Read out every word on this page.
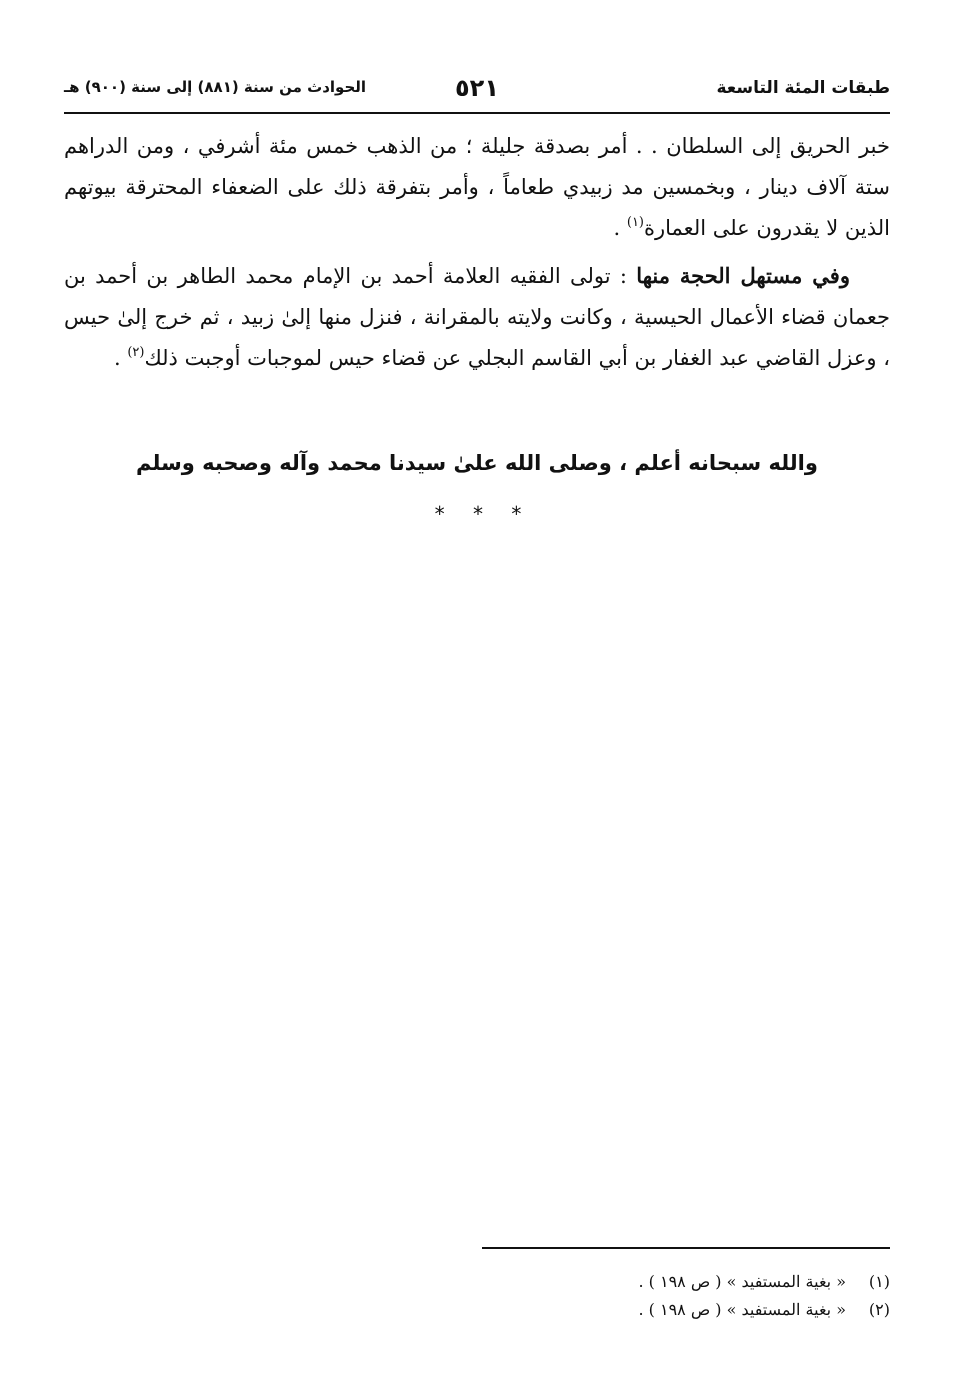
طبقات المئة التاسعة
٥٢١
الحوادث من سنة (٨٨١) إلى سنة (٩٠٠) هـ

خبر الحريق إلى السلطان . . أمر بصدقة جليلة ؛ من الذهب خمس مئة أشرفي ، ومن الدراهم ستة آلاف دينار ، وبخمسين مد زبيدي طعاماً ، وأمر بتفرقة ذلك على الضعفاء المحترقة بيوتهم الذين لا يقدرون على العمارة$^{(١)}$ .

وفي مستهل الحجة منها : تولى الفقيه العلامة أحمد بن الإمام محمد الطاهر بن أحمد بن جعمان قضاء الأعمال الحيسية ، وكانت ولايته بالمقرانة ، فنزل منها إلىٰ زبيد ، ثم خرج إلىٰ حيس ، وعزل القاضي عبد الغفار بن أبي القاسم البجلي عن قضاء حيس لموجبات أوجبت ذلك$^{(٢)}$ .

والله سبحانه أعلم ، وصلى الله علىٰ سيدنا محمد وآله وصحبه وسلم
* * *
(١)« بغية المستفيد » ( ص ١٩٨ ) .
(٢)« بغية المستفيد » ( ص ١٩٨ ) .
